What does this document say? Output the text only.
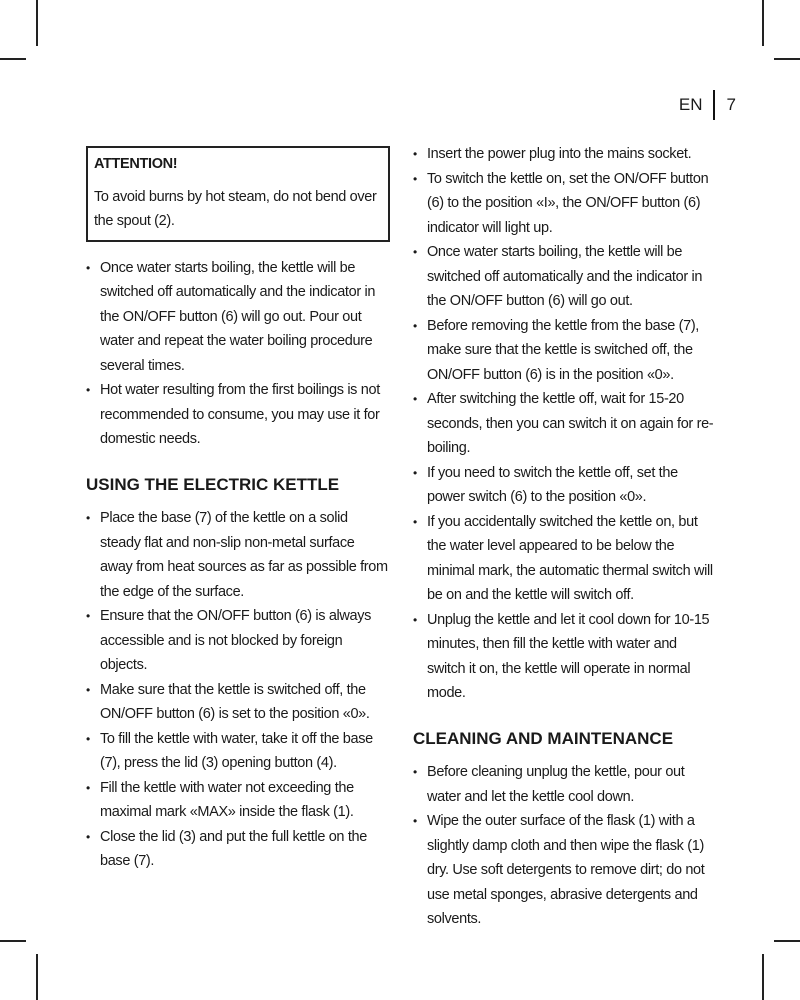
EN	7
ATTENTION!
To avoid burns by hot steam, do not bend over the spout (2).
• Once water starts boiling, the kettle will be switched off automatically and the indicator in the ON/OFF button (6) will go out. Pour out water and repeat the water boiling procedure several times.
• Hot water resulting from the first boilings is not recommended to consume, you may use it for domestic needs.
USING THE ELECTRIC KETTLE
• Place the base (7) of the kettle on a solid steady flat and non-slip non-metal surface away from heat sources as far as possible from the edge of the surface.
• Ensure that the ON/OFF button (6) is always accessible and is not blocked by foreign objects.
• Make sure that the kettle is switched off, the ON/OFF button (6) is set to the position «0».
• To fill the kettle with water, take it off the base (7), press the lid (3) opening button (4).
• Fill the kettle with water not exceeding the maximal mark «MAX» inside the flask (1).
• Close the lid (3) and put the full kettle on the base (7).
• Insert the power plug into the mains socket.
• To switch the kettle on, set the ON/OFF button (6) to the position «I», the ON/OFF button (6) indicator will light up.
• Once water starts boiling, the kettle will be switched off automatically and the indicator in the ON/OFF button (6) will go out.
• Before removing the kettle from the base (7), make sure that the kettle is switched off, the ON/OFF button (6) is in the position «0».
• After switching the kettle off, wait for 15-20 seconds, then you can switch it on again for re-boiling.
• If you need to switch the kettle off, set the power switch (6) to the position «0».
• If you accidentally switched the kettle on, but the water level appeared to be below the minimal mark, the automatic thermal switch will be on and the kettle will switch off.
• Unplug the kettle and let it cool down for 10-15 minutes, then fill the kettle with water and switch it on, the kettle will operate in normal mode.
CLEANING AND MAINTENANCE
• Before cleaning unplug the kettle, pour out water and let the kettle cool down.
• Wipe the outer surface of the flask (1) with a slightly damp cloth and then wipe the flask (1) dry. Use soft detergents to remove dirt; do not use metal sponges, abrasive detergents and solvents.
